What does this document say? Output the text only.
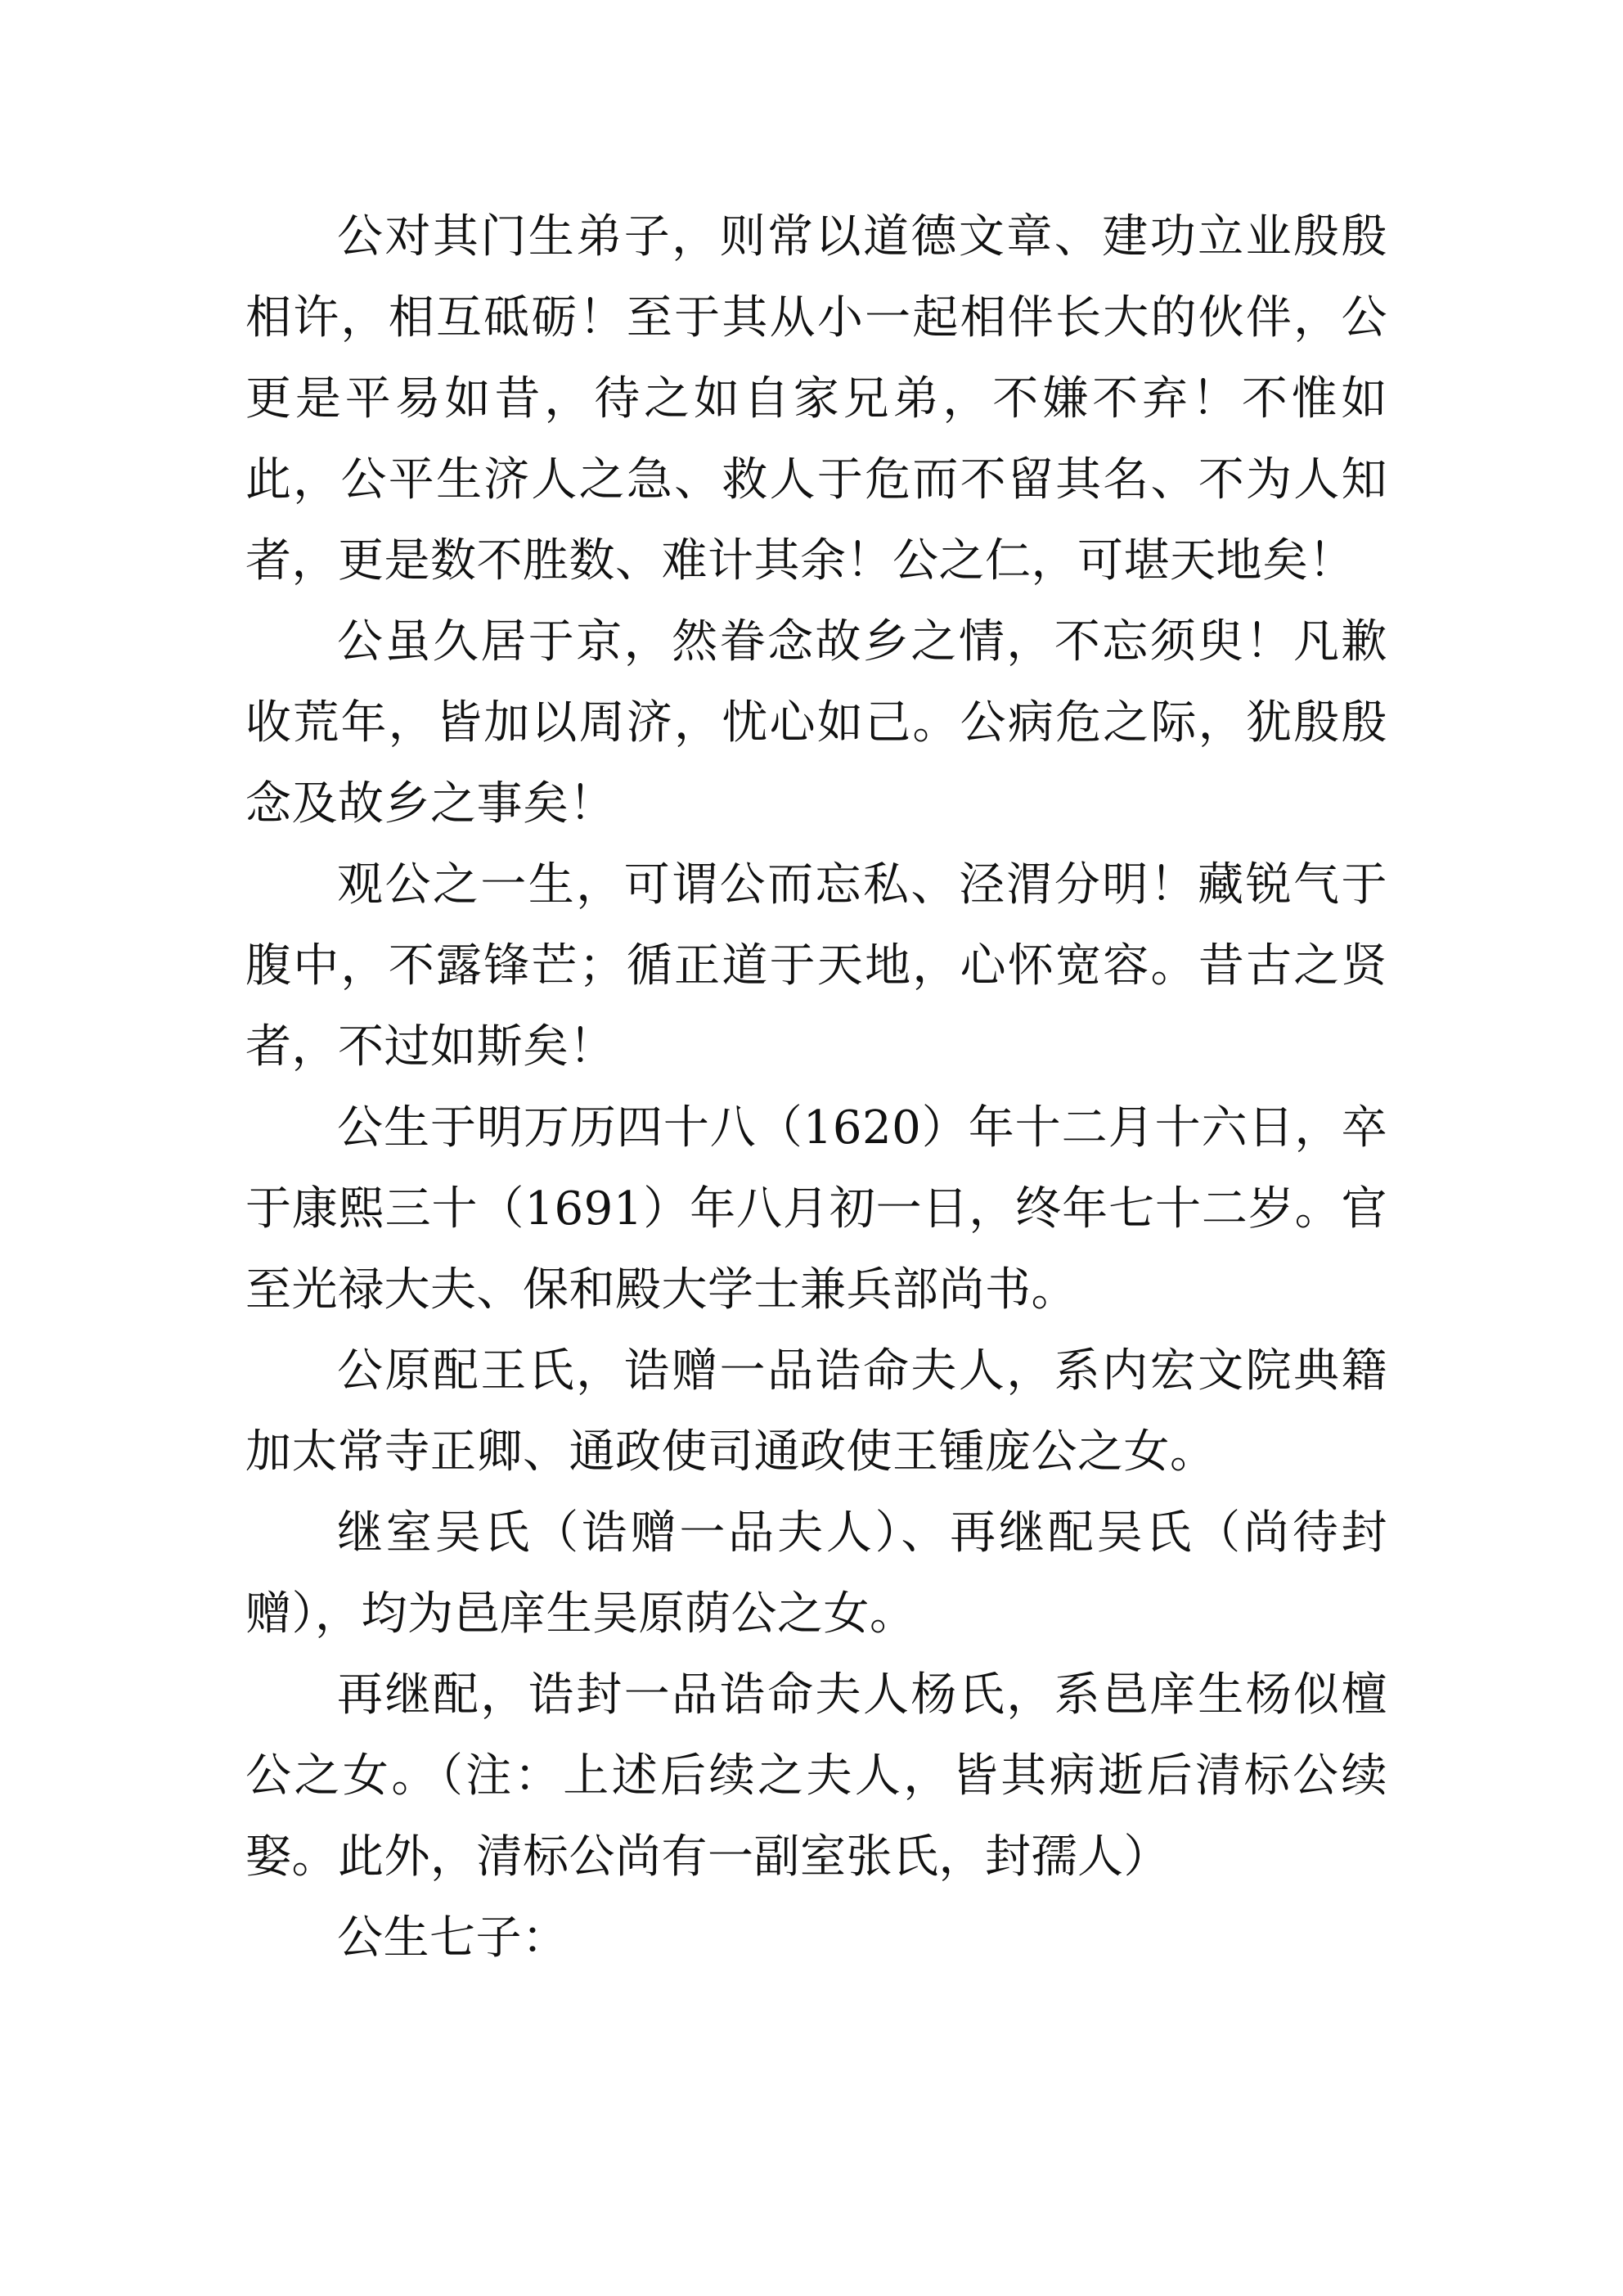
公对其门生弟子，则常以道德文章、建功立业殷殷相许，相互砥砺！至于其从小一起相伴长大的伙伴，公更是平易如昔，待之如自家兄弟，不嫌不弃！不惟如此，公平生济人之急、救人于危而不留其名、不为人知者，更是数不胜数、难计其余！公之仁，可堪天地矣！

公虽久居于京，然眷念故乡之情，不忘须臾！凡歉收荒年，皆加以周济，忧心如己。公病危之际，犹殷殷念及故乡之事矣！

观公之一生，可谓公而忘私、泾渭分明！藏锐气于腹中，不露锋芒；循正道于天地，心怀宽容。昔古之贤者，不过如斯矣！

公生于明万历四十八（1620）年十二月十六日，卒于康熙三十（1691）年八月初一日，终年七十二岁。官至光禄大夫、保和殿大学士兼兵部尚书。

公原配王氏，诰赠一品诰命夫人，系内宏文院典籍加太常寺正卿、通政使司通政使王锺庞公之女。

继室吴氏（诰赠一品夫人）、再继配吴氏（尚待封赠），均为邑庠生吴原荫公之女。

再继配，诰封一品诰命夫人杨氏，系邑庠生杨似檀公之女。（注：上述后续之夫人，皆其病逝后清标公续娶。此外，清标公尚有一副室张氏，封孺人）

公生七子：
